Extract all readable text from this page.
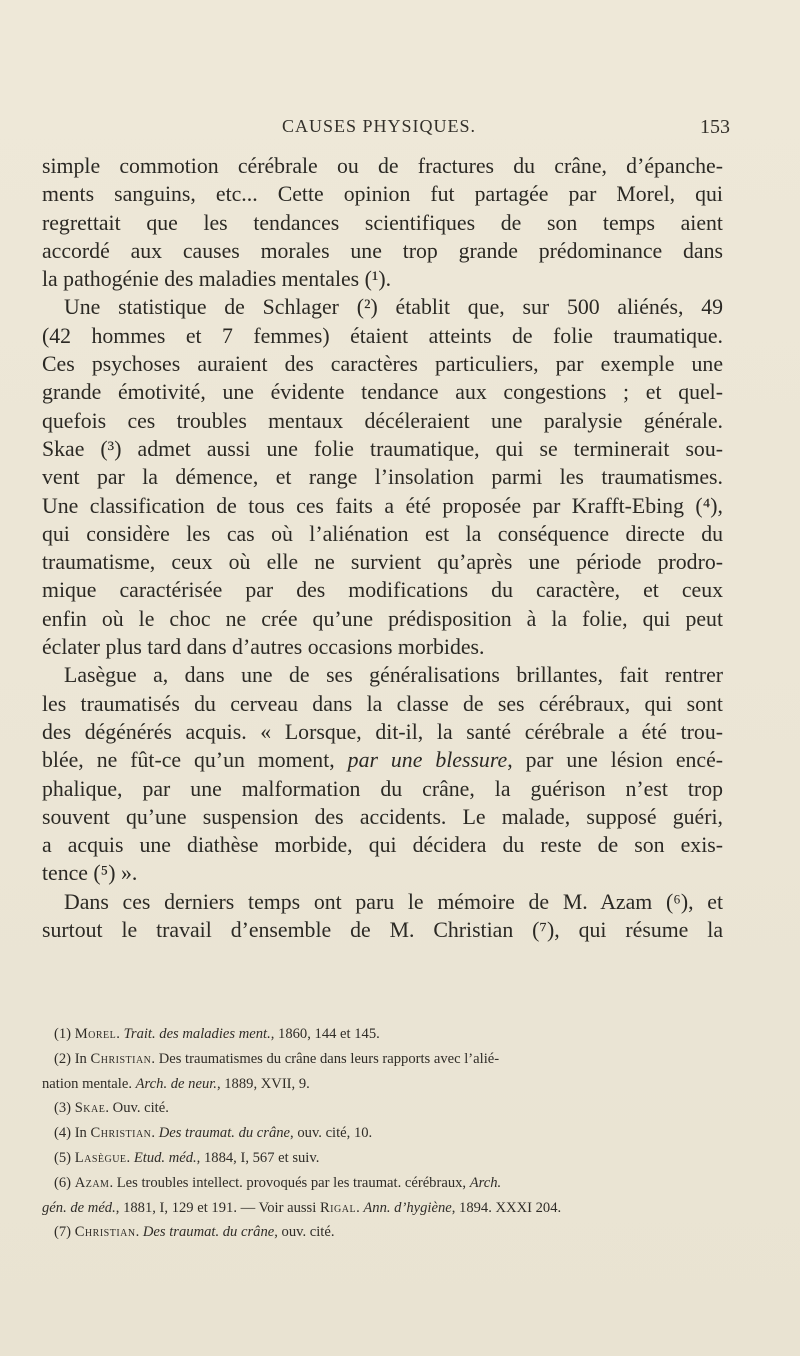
CAUSES PHYSIQUES.	153
simple commotion cérébrale ou de fractures du crâne, d’épanche-
ments sanguins, etc... Cette opinion fut partagée par Morel, qui
regrettait que les tendances scientifiques de son temps aient
accordé aux causes morales une trop grande prédominance dans
la pathogénie des maladies mentales (¹).
Une statistique de Schlager (²) établit que, sur 500 aliénés, 49
(42 hommes et 7 femmes) étaient atteints de folie traumatique.
Ces psychoses auraient des caractères particuliers, par exemple une
grande émotivité, une évidente tendance aux congestions ; et quel-
quefois ces troubles mentaux décéleraient une paralysie générale.
Skae (³) admet aussi une folie traumatique, qui se terminerait sou-
vent par la démence, et range l’insolation parmi les traumatismes.
Une classification de tous ces faits a été proposée par Krafft-Ebing (⁴),
qui considère les cas où l’aliénation est la conséquence directe du
traumatisme, ceux où elle ne survient qu’après une période prodro-
mique caractérisée par des modifications du caractère, et ceux
enfin où le choc ne crée qu’une prédisposition à la folie, qui peut
éclater plus tard dans d’autres occasions morbides.
Lasègue a, dans une de ses généralisations brillantes, fait rentrer
les traumatisés du cerveau dans la classe de ses cérébraux, qui sont
des dégénérés acquis. « Lorsque, dit-il, la santé cérébrale a été trou-
blée, ne fût-ce qu’un moment, par une blessure, par une lésion encé-
phalique, par une malformation du crâne, la guérison n’est trop
souvent qu’une suspension des accidents. Le malade, supposé guéri,
a acquis une diathèse morbide, qui décidera du reste de son exis-
tence (⁵) ».
Dans ces derniers temps ont paru le mémoire de M. Azam (⁶), et
surtout le travail d’ensemble de M. Christian (⁷), qui résume la
(1) Morel. Trait. des maladies ment., 1860, 144 et 145.
(2) In Christian. Des traumatismes du crâne dans leurs rapports avec l’alié-
nation mentale. Arch. de neur., 1889, XVII, 9.
(3) Skae. Ouv. cité.
(4) In Christian. Des traumat. du crâne, ouv. cité, 10.
(5) Lasègue. Etud. méd., 1884, I, 567 et suiv.
(6) Azam. Les troubles intellect. provoqués par les traumat. cérébraux, Arch.
gén. de méd., 1881, I, 129 et 191. — Voir aussi Rigal. Ann. d’hygiène, 1894. XXXI 204.
(7) Christian. Des traumat. du crâne, ouv. cité.
